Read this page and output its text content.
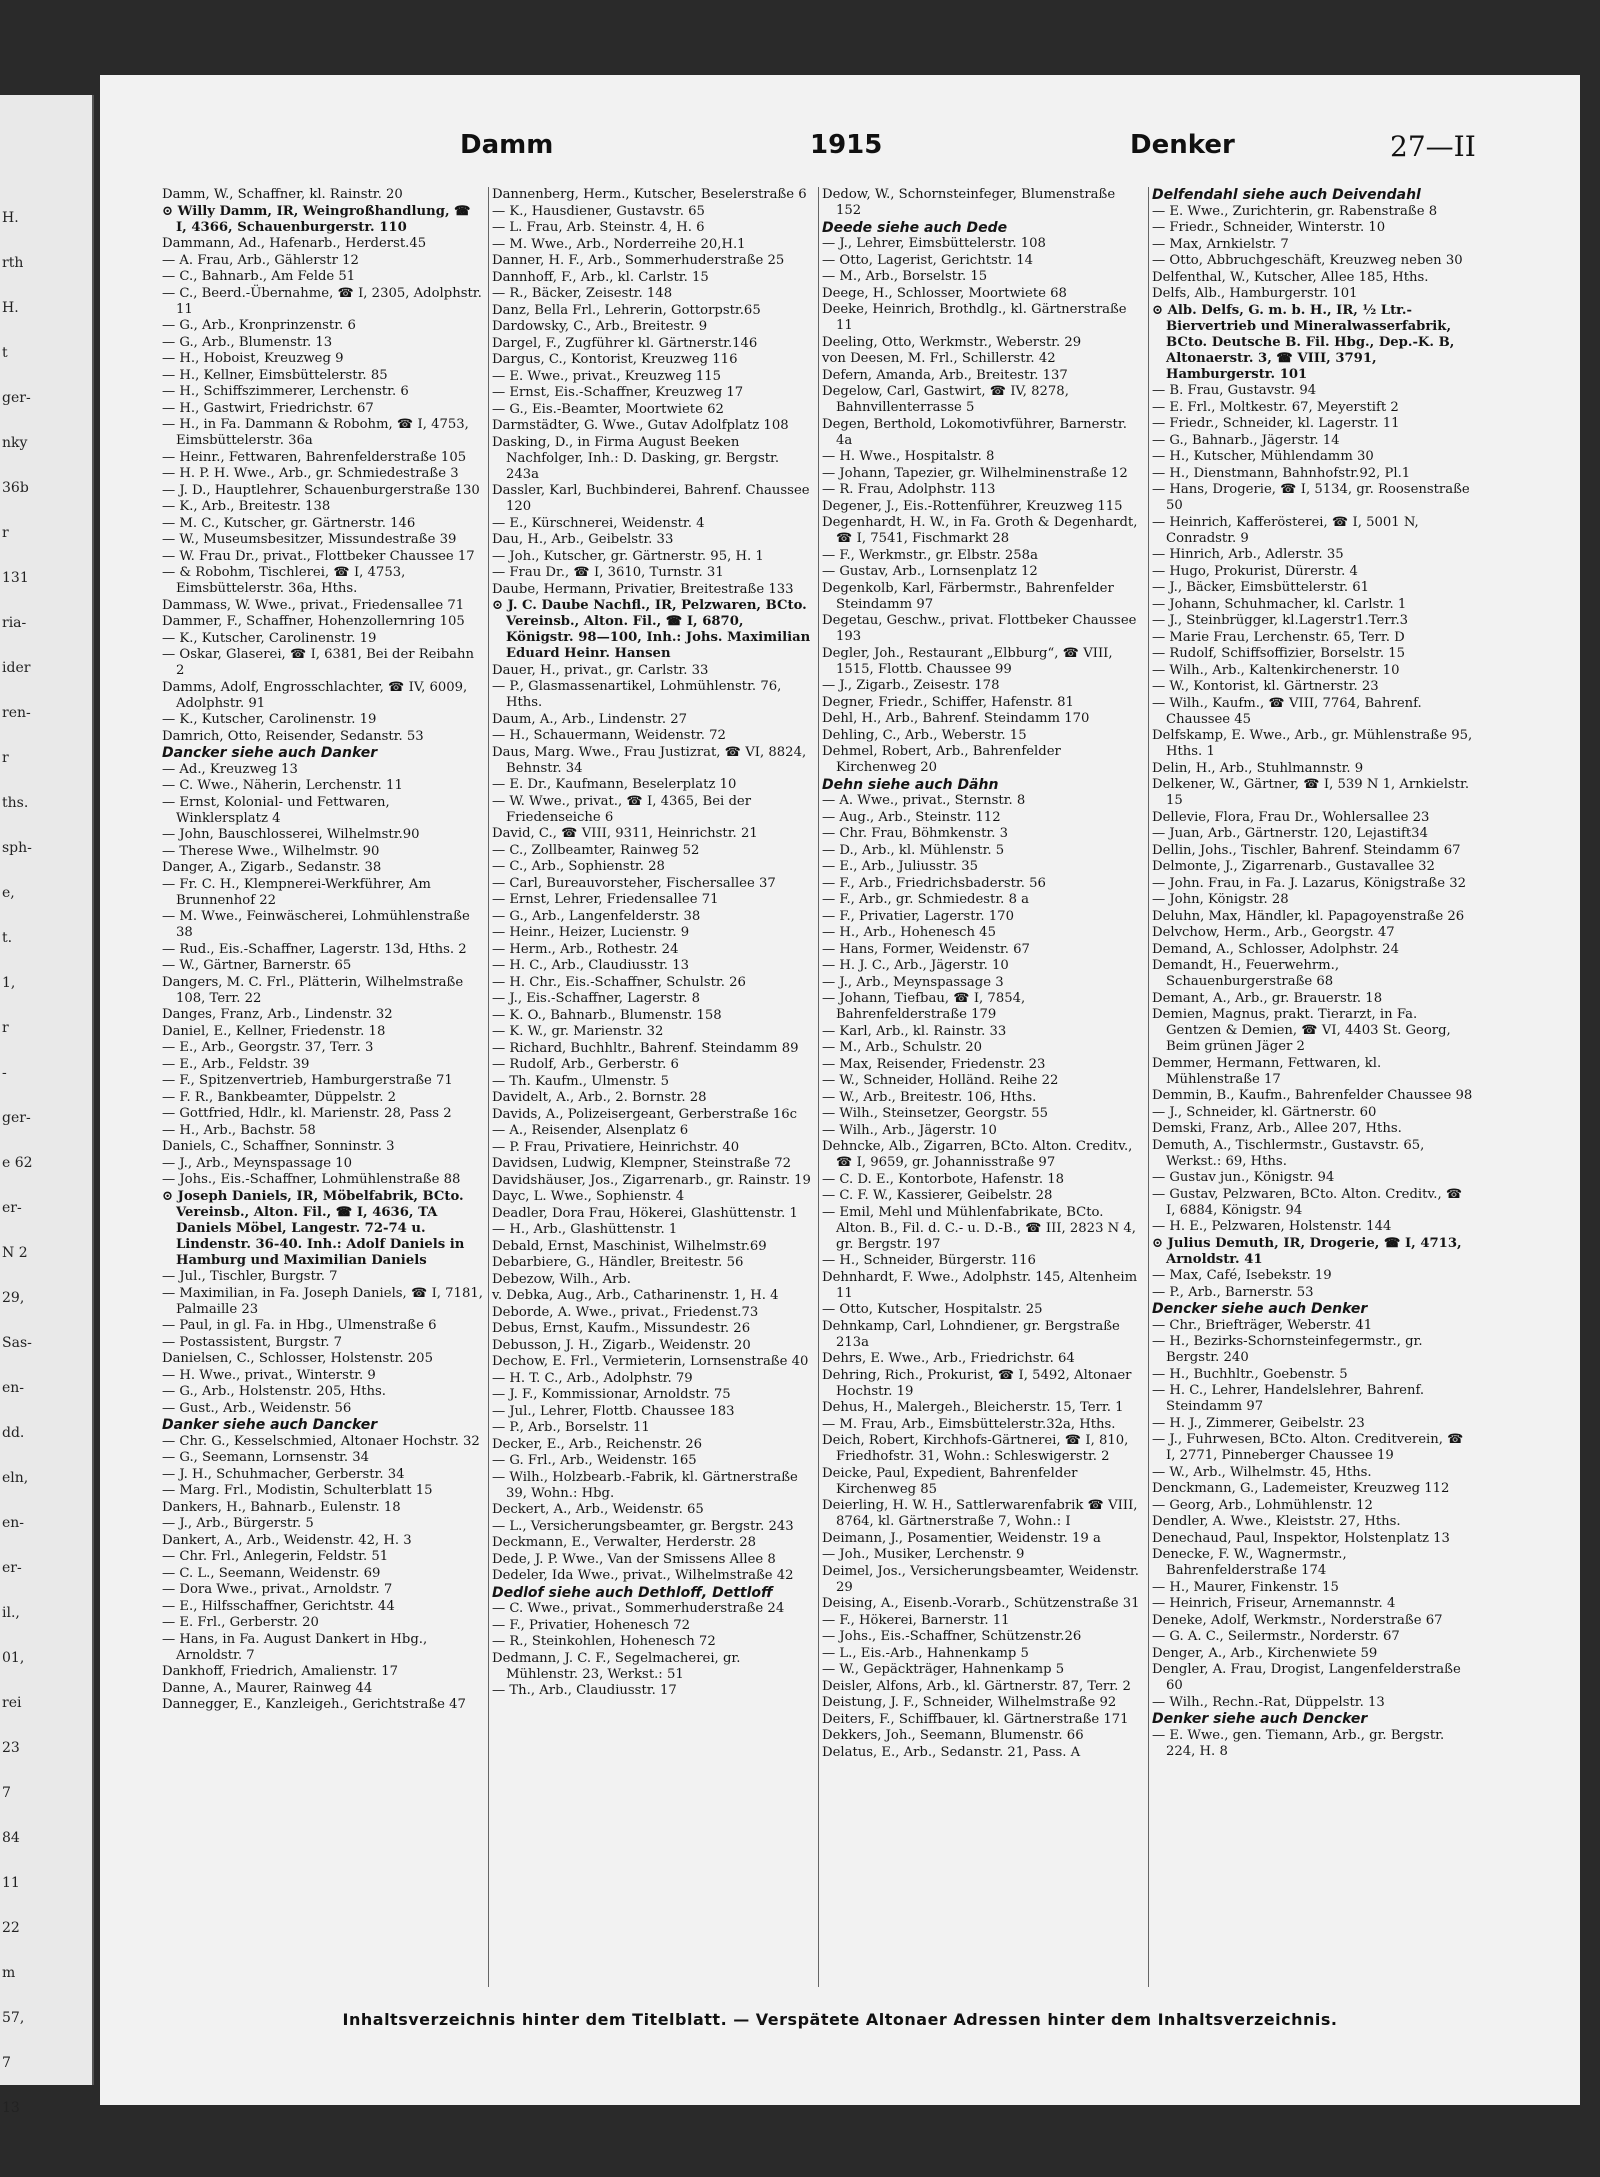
H.
rth
H.
t
ger-
nky
36b
r
131
ria-
ider
ren-
r
ths.
sph-
e,
t.
1,
r
-
ger-
e 62
er-
N 2
29,
Sas-
en-
dd.
eln,
en-
er-
il.,
01,
rei
23
7
84
11
22
m
57,
7
13
Damm	1915	Denker	27—II
Damm, W., Schaffner, kl. Rainstr. 20
⊙ Willy Damm, IR, Weingroßhandlung, ☎ I, 4366, Schauenburgerstr. 110
Dammann, Ad., Hafenarb., Herderst.45
— A. Frau, Arb., Gählerstr 12
— C., Bahnarb., Am Felde 51
— C., Beerd.-Übernahme, ☎ I, 2305, Adolphstr. 11
— G., Arb., Kronprinzenstr. 6
— G., Arb., Blumenstr. 13
— H., Hoboist, Kreuzweg 9
— H., Kellner, Eimsbüttelerstr. 85
— H., Schiffszimmerer, Lerchenstr. 6
— H., Gastwirt, Friedrichstr. 67
— H., in Fa. Dammann & Robohm, ☎ I, 4753, Eimsbüttelerstr. 36a
— Heinr., Fettwaren, Bahrenfelderstraße 105
— H. P. H. Wwe., Arb., gr. Schmiedestraße 3
— J. D., Hauptlehrer, Schauenburgerstraße 130
— K., Arb., Breitestr. 138
— M. C., Kutscher, gr. Gärtnerstr. 146
— W., Museumsbesitzer, Missundestraße 39
— W. Frau Dr., privat., Flottbeker Chaussee 17
— & Robohm, Tischlerei, ☎ I, 4753, Eimsbüttelerstr. 36a, Hths.
Dammass, W. Wwe., privat., Friedensallee 71
Dammer, F., Schaffner, Hohenzollernring 105
— K., Kutscher, Carolinenstr. 19
— Oskar, Glaserei, ☎ I, 6381, Bei der Reibahn 2
Damms, Adolf, Engrosschlachter, ☎ IV, 6009, Adolphstr. 91
— K., Kutscher, Carolinenstr. 19
Damrich, Otto, Reisender, Sedanstr. 53
Dancker siehe auch Danker
— Ad., Kreuzweg 13
— C. Wwe., Näherin, Lerchenstr. 11
— Ernst, Kolonial- und Fettwaren, Winklersplatz 4
— John, Bauschlosserei, Wilhelmstr.90
— Therese Wwe., Wilhelmstr. 90
Danger, A., Zigarb., Sedanstr. 38
— Fr. C. H., Klempnerei-Werkführer, Am Brunnenhof 22
— M. Wwe., Feinwäscherei, Lohmühlenstraße 38
— Rud., Eis.-Schaffner, Lagerstr. 13d, Hths. 2
— W., Gärtner, Barnerstr. 65
Dangers, M. C. Frl., Plätterin, Wilhelmstraße 108, Terr. 22
Danges, Franz, Arb., Lindenstr. 32
Daniel, E., Kellner, Friedenstr. 18
— E., Arb., Georgstr. 37, Terr. 3
— E., Arb., Feldstr. 39
— F., Spitzenvertrieb, Hamburgerstraße 71
— F. R., Bankbeamter, Düppelstr. 2
— Gottfried, Hdlr., kl. Marienstr. 28, Pass 2
— H., Arb., Bachstr. 58
Daniels, C., Schaffner, Sonninstr. 3
— J., Arb., Meynspassage 10
— Johs., Eis.-Schaffner, Lohmühlenstraße 88
⊙ Joseph Daniels, IR, Möbelfabrik, BCto. Vereinsb., Alton. Fil., ☎ I, 4636, TA Daniels Möbel, Langestr. 72-74 u. Lindenstr. 36-40. Inh.: Adolf Daniels in Hamburg und Maximilian Daniels
— Jul., Tischler, Burgstr. 7
— Maximilian, in Fa. Joseph Daniels, ☎ I, 7181, Palmaille 23
— Paul, in gl. Fa. in Hbg., Ulmenstraße 6
— Postassistent, Burgstr. 7
Danielsen, C., Schlosser, Holstenstr. 205
— H. Wwe., privat., Winterstr. 9
— G., Arb., Holstenstr. 205, Hths.
— Gust., Arb., Weidenstr. 56
Danker siehe auch Dancker
— Chr. G., Kesselschmied, Altonaer Hochstr. 32
— G., Seemann, Lornsenstr. 34
— J. H., Schuhmacher, Gerberstr. 34
— Marg. Frl., Modistin, Schulterblatt 15
Dankers, H., Bahnarb., Eulenstr. 18
— J., Arb., Bürgerstr. 5
Dankert, A., Arb., Weidenstr. 42, H. 3
— Chr. Frl., Anlegerin, Feldstr. 51
— C. L., Seemann, Weidenstr. 69
— Dora Wwe., privat., Arnoldstr. 7
— E., Hilfsschaffner, Gerichtstr. 44
— E. Frl., Gerberstr. 20
— Hans, in Fa. August Dankert in Hbg., Arnoldstr. 7
Dankhoff, Friedrich, Amalienstr. 17
Danne, A., Maurer, Rainweg 44
Dannegger, E., Kanzleigeh., Gerichtstraße 47
Dannenberg, Herm., Kutscher, Beselerstraße 6
— K., Hausdiener, Gustavstr. 65
— L. Frau, Arb. Steinstr. 4, H. 6
— M. Wwe., Arb., Norderreihe 20,H.1
Danner, H. F., Arb., Sommerhuderstraße 25
Dannhoff, F., Arb., kl. Carlstr. 15
— R., Bäcker, Zeisestr. 148
Danz, Bella Frl., Lehrerin, Gottorpstr.65
Dardowsky, C., Arb., Breitestr. 9
Dargel, F., Zugführer kl. Gärtnerstr.146
Dargus, C., Kontorist, Kreuzweg 116
— E. Wwe., privat., Kreuzweg 115
— Ernst, Eis.-Schaffner, Kreuzweg 17
— G., Eis.-Beamter, Moortwiete 62
Darmstädter, G. Wwe., Gutav Adolfplatz 108
Dasking, D., in Firma August Beeken Nachfolger, Inh.: D. Dasking, gr. Bergstr. 243a
Dassler, Karl, Buchbinderei, Bahrenf. Chaussee 120
— E., Kürschnerei, Weidenstr. 4
Dau, H., Arb., Geibelstr. 33
— Joh., Kutscher, gr. Gärtnerstr. 95, H. 1
— Frau Dr., ☎ I, 3610, Turnstr. 31
Daube, Hermann, Privatier, Breitestraße 133
⊙ J. C. Daube Nachfl., IR, Pelzwaren, BCto. Vereinsb., Alton. Fil., ☎ I, 6870, Königstr. 98—100, Inh.: Johs. Maximilian Eduard Heinr. Hansen
Dauer, H., privat., gr. Carlstr. 33
— P., Glasmassenartikel, Lohmühlenstr. 76, Hths.
Daum, A., Arb., Lindenstr. 27
— H., Schauermann, Weidenstr. 72
Daus, Marg. Wwe., Frau Justizrat, ☎ VI, 8824, Behnstr. 34
— E. Dr., Kaufmann, Beselerplatz 10
— W. Wwe., privat., ☎ I, 4365, Bei der Friedenseiche 6
David, C., ☎ VIII, 9311, Heinrichstr. 21
— C., Zollbeamter, Rainweg 52
— C., Arb., Sophienstr. 28
— Carl, Bureauvorsteher, Fischersallee 37
— Ernst, Lehrer, Friedensallee 71
— G., Arb., Langenfelderstr. 38
— Heinr., Heizer, Lucienstr. 9
— Herm., Arb., Rothestr. 24
— H. C., Arb., Claudiusstr. 13
— H. Chr., Eis.-Schaffner, Schulstr. 26
— J., Eis.-Schaffner, Lagerstr. 8
— K. O., Bahnarb., Blumenstr. 158
— K. W., gr. Marienstr. 32
— Richard, Buchhltr., Bahrenf. Steindamm 89
— Rudolf, Arb., Gerberstr. 6
— Th. Kaufm., Ulmenstr. 5
Davidelt, A., Arb., 2. Bornstr. 28
Davids, A., Polizeisergeant, Gerberstraße 16c
— A., Reisender, Alsenplatz 6
— P. Frau, Privatiere, Heinrichstr. 40
Davidsen, Ludwig, Klempner, Steinstraße 72
Davidshäuser, Jos., Zigarrenarb., gr. Rainstr. 19
Dayc, L. Wwe., Sophienstr. 4
Deadler, Dora Frau, Hökerei, Glashüttenstr. 1
— H., Arb., Glashüttenstr. 1
Debald, Ernst, Maschinist, Wilhelmstr.69
Debarbiere, G., Händler, Breitestr. 56
Debezow, Wilh., Arb.
v. Debka, Aug., Arb., Catharinenstr. 1, H. 4
Deborde, A. Wwe., privat., Friedenst.73
Debus, Ernst, Kaufm., Missundestr. 26
Debusson, J. H., Zigarb., Weidenstr. 20
Dechow, E. Frl., Vermieterin, Lornsenstraße 40
— H. T. C., Arb., Adolphstr. 79
— J. F., Kommissionar, Arnoldstr. 75
— Jul., Lehrer, Flottb. Chaussee 183
— P., Arb., Borselstr. 11
Decker, E., Arb., Reichenstr. 26
— G. Frl., Arb., Weidenstr. 165
— Wilh., Holzbearb.-Fabrik, kl. Gärtnerstraße 39, Wohn.: Hbg.
Deckert, A., Arb., Weidenstr. 65
— L., Versicherungsbeamter, gr. Bergstr. 243
Deckmann, E., Verwalter, Herderstr. 28
Dede, J. P. Wwe., Van der Smissens Allee 8
Dedeler, Ida Wwe., privat., Wilhelmstraße 42
Dedlof siehe auch Dethloff, Dettloff
— C. Wwe., privat., Sommerhuderstraße 24
— F., Privatier, Hohenesch 72
— R., Steinkohlen, Hohenesch 72
Dedmann, J. C. F., Segelmacherei, gr. Mühlenstr. 23, Werkst.: 51
— Th., Arb., Claudiusstr. 17
Dedow, W., Schornsteinfeger, Blumenstraße 152
Deede siehe auch Dede
— J., Lehrer, Eimsbüttelerstr. 108
— Otto, Lagerist, Gerichtstr. 14
— M., Arb., Borselstr. 15
Deege, H., Schlosser, Moortwiete 68
Deeke, Heinrich, Brothdlg., kl. Gärtnerstraße 11
Deeling, Otto, Werkmstr., Weberstr. 29
von Deesen, M. Frl., Schillerstr. 42
Defern, Amanda, Arb., Breitestr. 137
Degelow, Carl, Gastwirt, ☎ IV, 8278, Bahnvillenterrasse 5
Degen, Berthold, Lokomotivführer, Barnerstr. 4a
— H. Wwe., Hospitalstr. 8
— Johann, Tapezier, gr. Wilhelminenstraße 12
— R. Frau, Adolphstr. 113
Degener, J., Eis.-Rottenführer, Kreuzweg 115
Degenhardt, H. W., in Fa. Groth & Degenhardt, ☎ I, 7541, Fischmarkt 28
— F., Werkmstr., gr. Elbstr. 258a
— Gustav, Arb., Lornsenplatz 12
Degenkolb, Karl, Färbermstr., Bahrenfelder Steindamm 97
Degetau, Geschw., privat. Flottbeker Chaussee 193
Degler, Joh., Restaurant „Elbburg“, ☎ VIII, 1515, Flottb. Chaussee 99
— J., Zigarb., Zeisestr. 178
Degner, Friedr., Schiffer, Hafenstr. 81
Dehl, H., Arb., Bahrenf. Steindamm 170
Dehling, C., Arb., Weberstr. 15
Dehmel, Robert, Arb., Bahrenfelder Kirchenweg 20
Dehn siehe auch Dähn
— A. Wwe., privat., Sternstr. 8
— Aug., Arb., Steinstr. 112
— Chr. Frau, Böhmkenstr. 3
— D., Arb., kl. Mühlenstr. 5
— E., Arb., Juliusstr. 35
— F., Arb., Friedrichsbaderstr. 56
— F., Arb., gr. Schmiedestr. 8 a
— F., Privatier, Lagerstr. 170
— H., Arb., Hohenesch 45
— Hans, Former, Weidenstr. 67
— H. J. C., Arb., Jägerstr. 10
— J., Arb., Meynspassage 3
— Johann, Tiefbau, ☎ I, 7854, Bahrenfelderstraße 179
— Karl, Arb., kl. Rainstr. 33
— M., Arb., Schulstr. 20
— Max, Reisender, Friedenstr. 23
— W., Schneider, Holländ. Reihe 22
— W., Arb., Breitestr. 106, Hths.
— Wilh., Steinsetzer, Georgstr. 55
— Wilh., Arb., Jägerstr. 10
Dehncke, Alb., Zigarren, BCto. Alton. Creditv., ☎ I, 9659, gr. Johannisstraße 97
— C. D. E., Kontorbote, Hafenstr. 18
— C. F. W., Kassierer, Geibelstr. 28
— Emil, Mehl und Mühlenfabrikate, BCto. Alton. B., Fil. d. C.- u. D.-B., ☎ III, 2823 N 4, gr. Bergstr. 197
— H., Schneider, Bürgerstr. 116
Dehnhardt, F. Wwe., Adolphstr. 145, Altenheim 11
— Otto, Kutscher, Hospitalstr. 25
Dehnkamp, Carl, Lohndiener, gr. Bergstraße 213a
Dehrs, E. Wwe., Arb., Friedrichstr. 64
Dehring, Rich., Prokurist, ☎ I, 5492, Altonaer Hochstr. 19
Dehus, H., Malergeh., Bleicherstr. 15, Terr. 1
— M. Frau, Arb., Eimsbüttelerstr.32a, Hths.
Deich, Robert, Kirchhofs-Gärtnerei, ☎ I, 810, Friedhofstr. 31, Wohn.: Schleswigerstr. 2
Deicke, Paul, Expedient, Bahrenfelder Kirchenweg 85
Deierling, H. W. H., Sattlerwarenfabrik ☎ VIII, 8764, kl. Gärtnerstraße 7, Wohn.: I
Deimann, J., Posamentier, Weidenstr. 19 a
— Joh., Musiker, Lerchenstr. 9
Deimel, Jos., Versicherungsbeamter, Weidenstr. 29
Deising, A., Eisenb.-Vorarb., Schützenstraße 31
— F., Hökerei, Barnerstr. 11
— Johs., Eis.-Schaffner, Schützenstr.26
— L., Eis.-Arb., Hahnenkamp 5
— W., Gepäckträger, Hahnenkamp 5
Deisler, Alfons, Arb., kl. Gärtnerstr. 87, Terr. 2
Deistung, J. F., Schneider, Wilhelmstraße 92
Deiters, F., Schiffbauer, kl. Gärtnerstraße 171
Dekkers, Joh., Seemann, Blumenstr. 66
Delatus, E., Arb., Sedanstr. 21, Pass. A
Delfendahl siehe auch Deivendahl
— E. Wwe., Zurichterin, gr. Rabenstraße 8
— Friedr., Schneider, Winterstr. 10
— Max, Arnkielstr. 7
— Otto, Abbruchgeschäft, Kreuzweg neben 30
Delfenthal, W., Kutscher, Allee 185, Hths.
Delfs, Alb., Hamburgerstr. 101
⊙ Alb. Delfs, G. m. b. H., IR, ½ Ltr.-Biervertrieb und Mineralwasserfabrik, BCto. Deutsche B. Fil. Hbg., Dep.-K. B, Altonaerstr. 3, ☎ VIII, 3791, Hamburgerstr. 101
— B. Frau, Gustavstr. 94
— E. Frl., Moltkestr. 67, Meyerstift 2
— Friedr., Schneider, kl. Lagerstr. 11
— G., Bahnarb., Jägerstr. 14
— H., Kutscher, Mühlendamm 30
— H., Dienstmann, Bahnhofstr.92, Pl.1
— Hans, Drogerie, ☎ I, 5134, gr. Roosenstraße 50
— Heinrich, Kafferösterei, ☎ I, 5001 N, Conradstr. 9
— Hinrich, Arb., Adlerstr. 35
— Hugo, Prokurist, Dürerstr. 4
— J., Bäcker, Eimsbüttelerstr. 61
— Johann, Schuhmacher, kl. Carlstr. 1
— J., Steinbrügger, kl.Lagerstr1.Terr.3
— Marie Frau, Lerchenstr. 65, Terr. D
— Rudolf, Schiffsoffizier, Borselstr. 15
— Wilh., Arb., Kaltenkirchenerstr. 10
— W., Kontorist, kl. Gärtnerstr. 23
— Wilh., Kaufm., ☎ VIII, 7764, Bahrenf. Chaussee 45
Delfskamp, E. Wwe., Arb., gr. Mühlenstraße 95, Hths. 1
Delin, H., Arb., Stuhlmannstr. 9
Delkener, W., Gärtner, ☎ I, 539 N 1, Arnkielstr. 15
Dellevie, Flora, Frau Dr., Wohlersallee 23
— Juan, Arb., Gärtnerstr. 120, Lejastift34
Dellin, Johs., Tischler, Bahrenf. Steindamm 67
Delmonte, J., Zigarrenarb., Gustavallee 32
— John. Frau, in Fa. J. Lazarus, Königstraße 32
— John, Königstr. 28
Deluhn, Max, Händler, kl. Papagoyenstraße 26
Delvchow, Herm., Arb., Georgstr. 47
Demand, A., Schlosser, Adolphstr. 24
Demandt, H., Feuerwehrm., Schauenburgerstraße 68
Demant, A., Arb., gr. Brauerstr. 18
Demien, Magnus, prakt. Tierarzt, in Fa. Gentzen & Demien, ☎ VI, 4403 St. Georg, Beim grünen Jäger 2
Demmer, Hermann, Fettwaren, kl. Mühlenstraße 17
Demmin, B., Kaufm., Bahrenfelder Chaussee 98
— J., Schneider, kl. Gärtnerstr. 60
Demski, Franz, Arb., Allee 207, Hths.
Demuth, A., Tischlermstr., Gustavstr. 65, Werkst.: 69, Hths.
— Gustav jun., Königstr. 94
— Gustav, Pelzwaren, BCto. Alton. Creditv., ☎ I, 6884, Königstr. 94
— H. E., Pelzwaren, Holstenstr. 144
⊙ Julius Demuth, IR, Drogerie, ☎ I, 4713, Arnoldstr. 41
— Max, Café, Isebekstr. 19
— P., Arb., Barnerstr. 53
Dencker siehe auch Denker
— Chr., Briefträger, Weberstr. 41
— H., Bezirks-Schornsteinfegermstr., gr. Bergstr. 240
— H., Buchhltr., Goebenstr. 5
— H. C., Lehrer, Handelslehrer, Bahrenf. Steindamm 97
— H. J., Zimmerer, Geibelstr. 23
— J., Fuhrwesen, BCto. Alton. Creditverein, ☎ I, 2771, Pinneberger Chaussee 19
— W., Arb., Wilhelmstr. 45, Hths.
Denckmann, G., Lademeister, Kreuzweg 112
— Georg, Arb., Lohmühlenstr. 12
Dendler, A. Wwe., Kleiststr. 27, Hths.
Denechaud, Paul, Inspektor, Holstenplatz 13
Denecke, F. W., Wagnermstr., Bahrenfelderstraße 174
— H., Maurer, Finkenstr. 15
— Heinrich, Friseur, Arnemannstr. 4
Deneke, Adolf, Werkmstr., Norderstraße 67
— G. A. C., Seilermstr., Norderstr. 67
Denger, A., Arb., Kirchenwiete 59
Dengler, A. Frau, Drogist, Langenfelderstraße 60
— Wilh., Rechn.-Rat, Düppelstr. 13
Denker siehe auch Dencker
— E. Wwe., gen. Tiemann, Arb., gr. Bergstr. 224, H. 8
Inhaltsverzeichnis hinter dem Titelblatt. — Verspätete Altonaer Adressen hinter dem Inhaltsverzeichnis.
